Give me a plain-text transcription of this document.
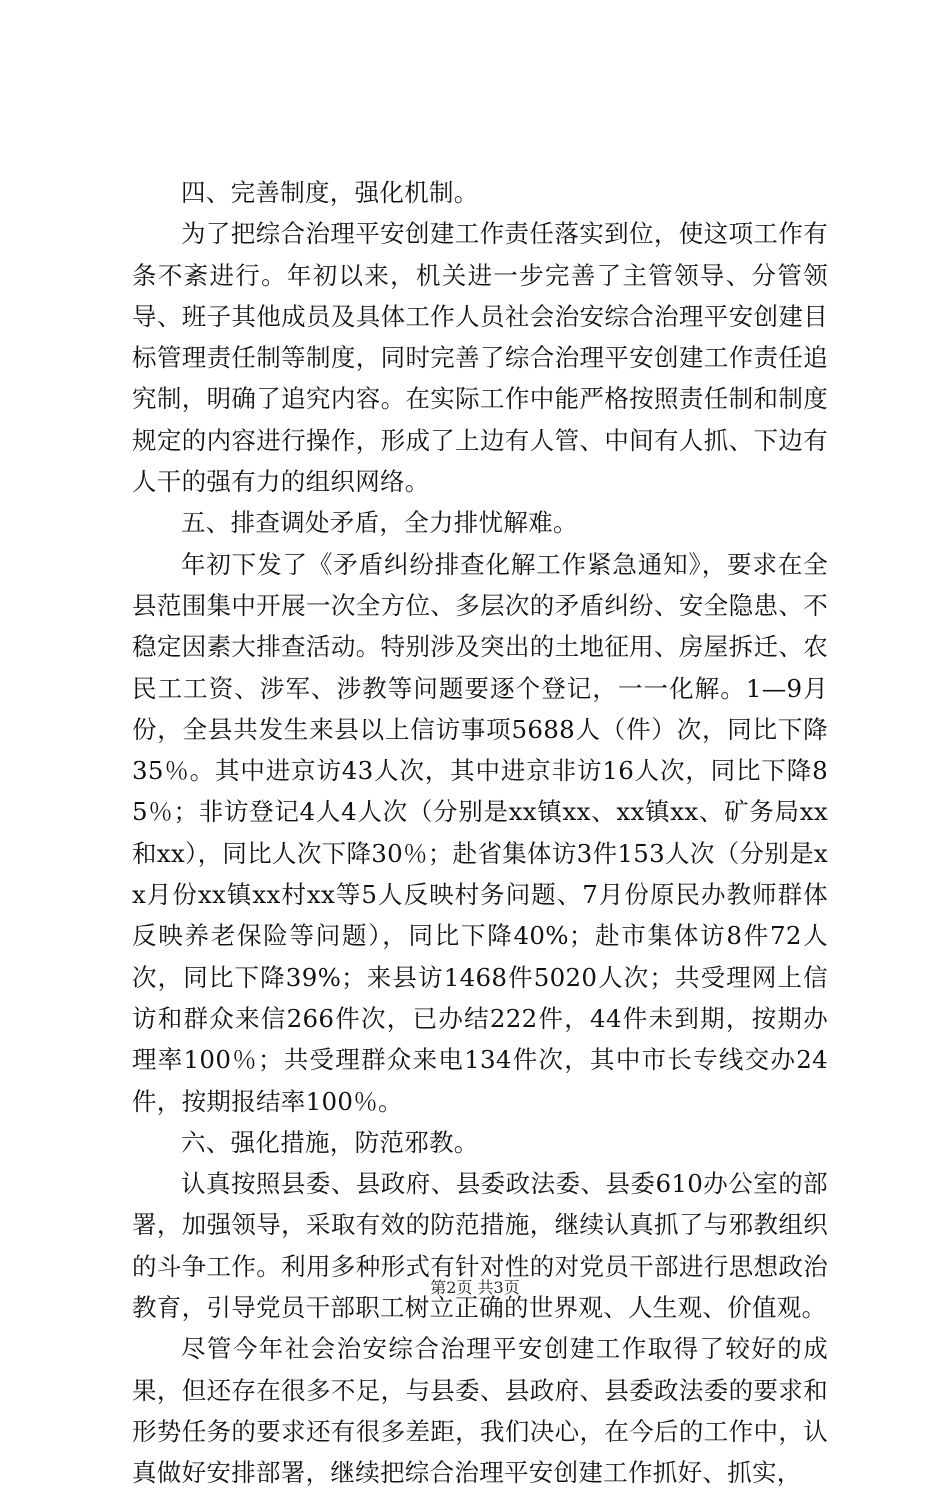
四、完善制度，强化机制。

为了把综合治理平安创建工作责任落实到位，使这项工作有条不紊进行。年初以来，机关进一步完善了主管领导、分管领导、班子其他成员及具体工作人员社会治安综合治理平安创建目标管理责任制等制度，同时完善了综合治理平安创建工作责任追究制，明确了追究内容。在实际工作中能严格按照责任制和制度规定的内容进行操作，形成了上边有人管、中间有人抓、下边有人干的强有力的组织网络。

五、排查调处矛盾，全力排忧解难。

年初下发了《矛盾纠纷排查化解工作紧急通知》，要求在全县范围集中开展一次全方位、多层次的矛盾纠纷、安全隐患、不稳定因素大排查活动。特别涉及突出的土地征用、房屋拆迁、农民工工资、涉军、涉教等问题要逐个登记，一一化解。1—9月份，全县共发生来县以上信访事项5688人（件）次，同比下降35％。其中进京访43人次，其中进京非访16人次，同比下降85％；非访登记4人4人次（分别是xx镇xx、xx镇xx、矿务局xx和xx），同比人次下降30％；赴省集体访3件153人次（分别是xx月份xx镇xx村xx等5人反映村务问题、7月份原民办教师群体反映养老保险等问题），同比下降40%；赴市集体访8件72人次，同比下降39%；来县访1468件5020人次；共受理网上信访和群众来信266件次，已办结222件，44件未到期，按期办理率100％；共受理群众来电134件次，其中市长专线交办24件，按期报结率100％。

六、强化措施，防范邪教。

认真按照县委、县政府、县委政法委、县委610办公室的部署，加强领导，采取有效的防范措施，继续认真抓了与邪教组织的斗争工作。利用多种形式有针对性的对党员干部进行思想政治教育，引导党员干部职工树立正确的世界观、人生观、价值观。

尽管今年社会治安综合治理平安创建工作取得了较好的成果，但还存在很多不足，与县委、县政府、县委政法委的要求和形势任务的要求还有很多差距，我们决心，在今后的工作中，认真做好安排部署，继续把综合治理平安创建工作抓好、抓实，

第2页 共3页
